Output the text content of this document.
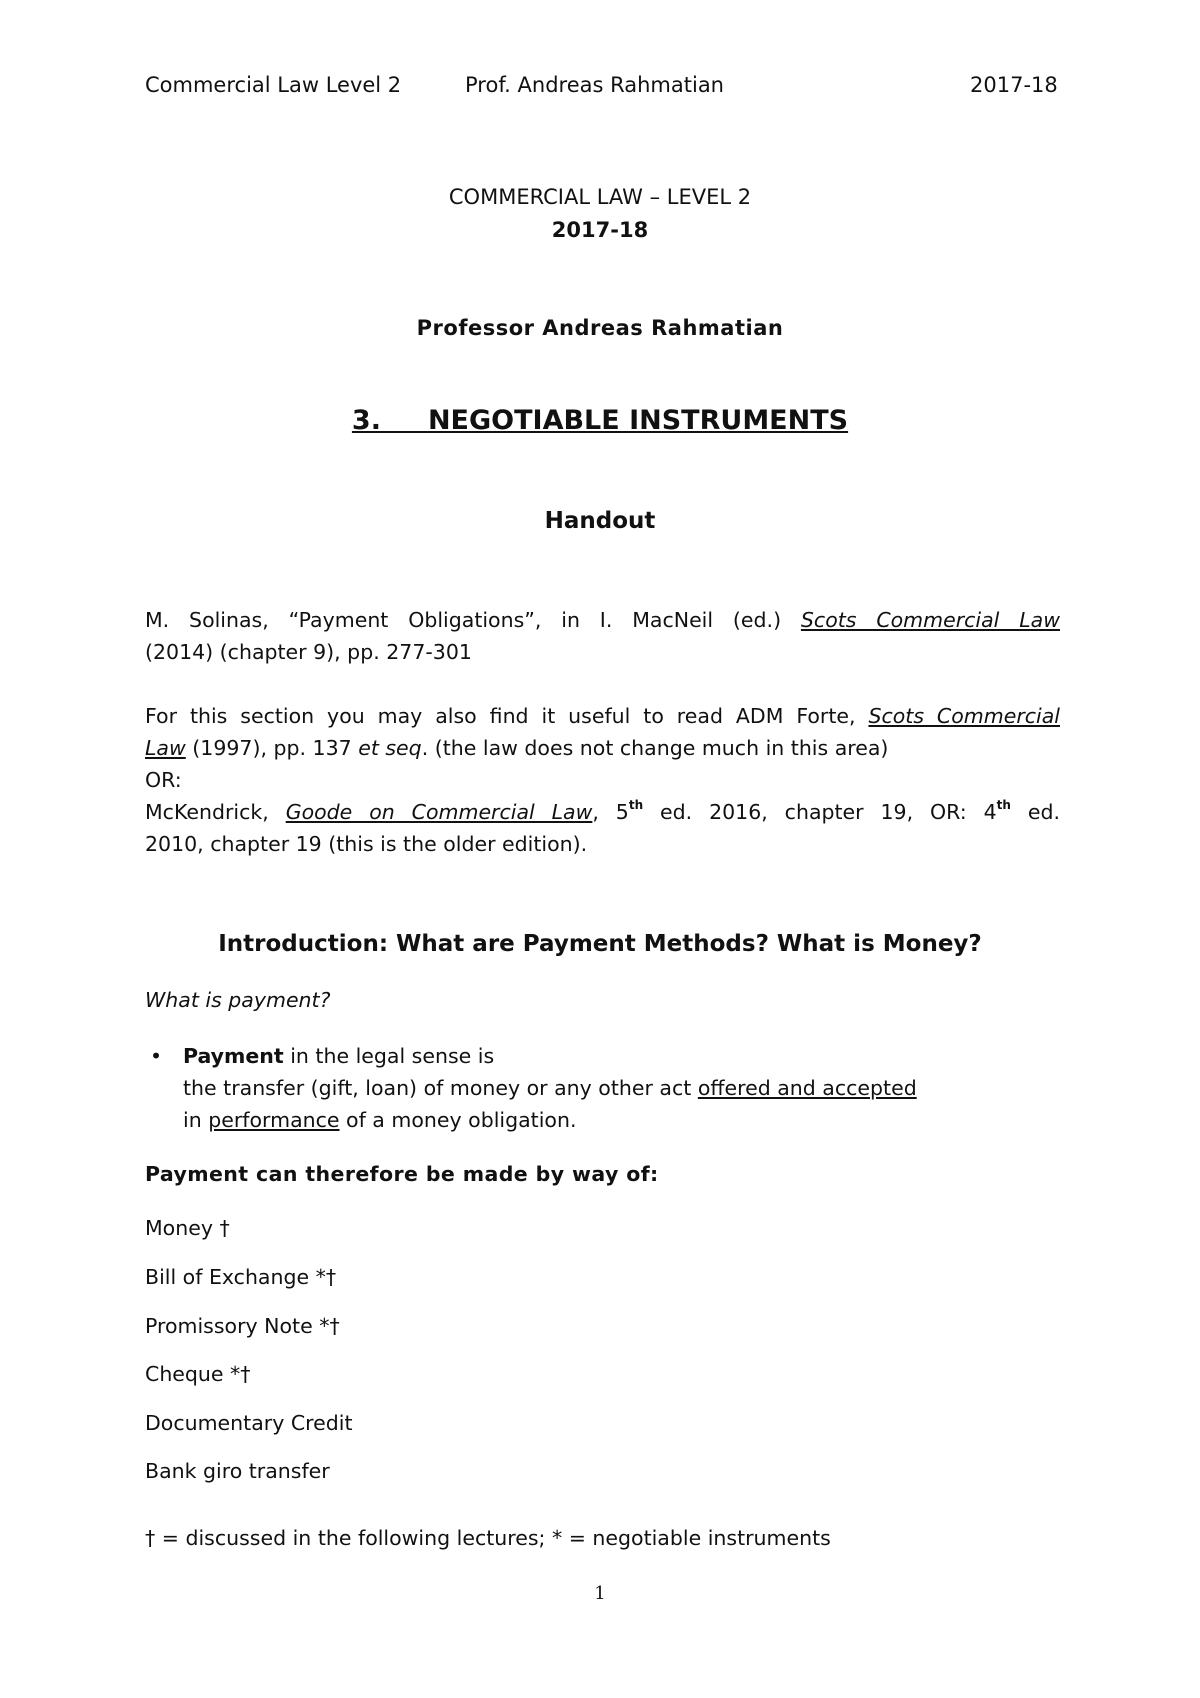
Commercial Law Level 2	Prof. Andreas Rahmatian	2017-18
COMMERCIAL LAW – LEVEL 2
2017-18
Professor Andreas Rahmatian
3. NEGOTIABLE INSTRUMENTS
Handout
M. Solinas, “Payment Obligations”, in I. MacNeil (ed.) Scots Commercial Law
(2014) (chapter 9), pp. 277-301
For this section you may also find it useful to read ADM Forte, Scots Commercial
Law (1997), pp. 137 et seq. (the law does not change much in this area)
OR:
McKendrick, Goode on Commercial Law, 5th ed. 2016, chapter 19, OR: 4th ed.
2010, chapter 19 (this is the older edition).
Introduction: What are Payment Methods? What is Money?
What is payment?
• Payment in the legal sense is
the transfer (gift, loan) of money or any other act offered and accepted
in performance of a money obligation.
Payment can therefore be made by way of:
Money †
Bill of Exchange *†
Promissory Note *†
Cheque *†
Documentary Credit
Bank giro transfer
† = discussed in the following lectures; * = negotiable instruments
1
